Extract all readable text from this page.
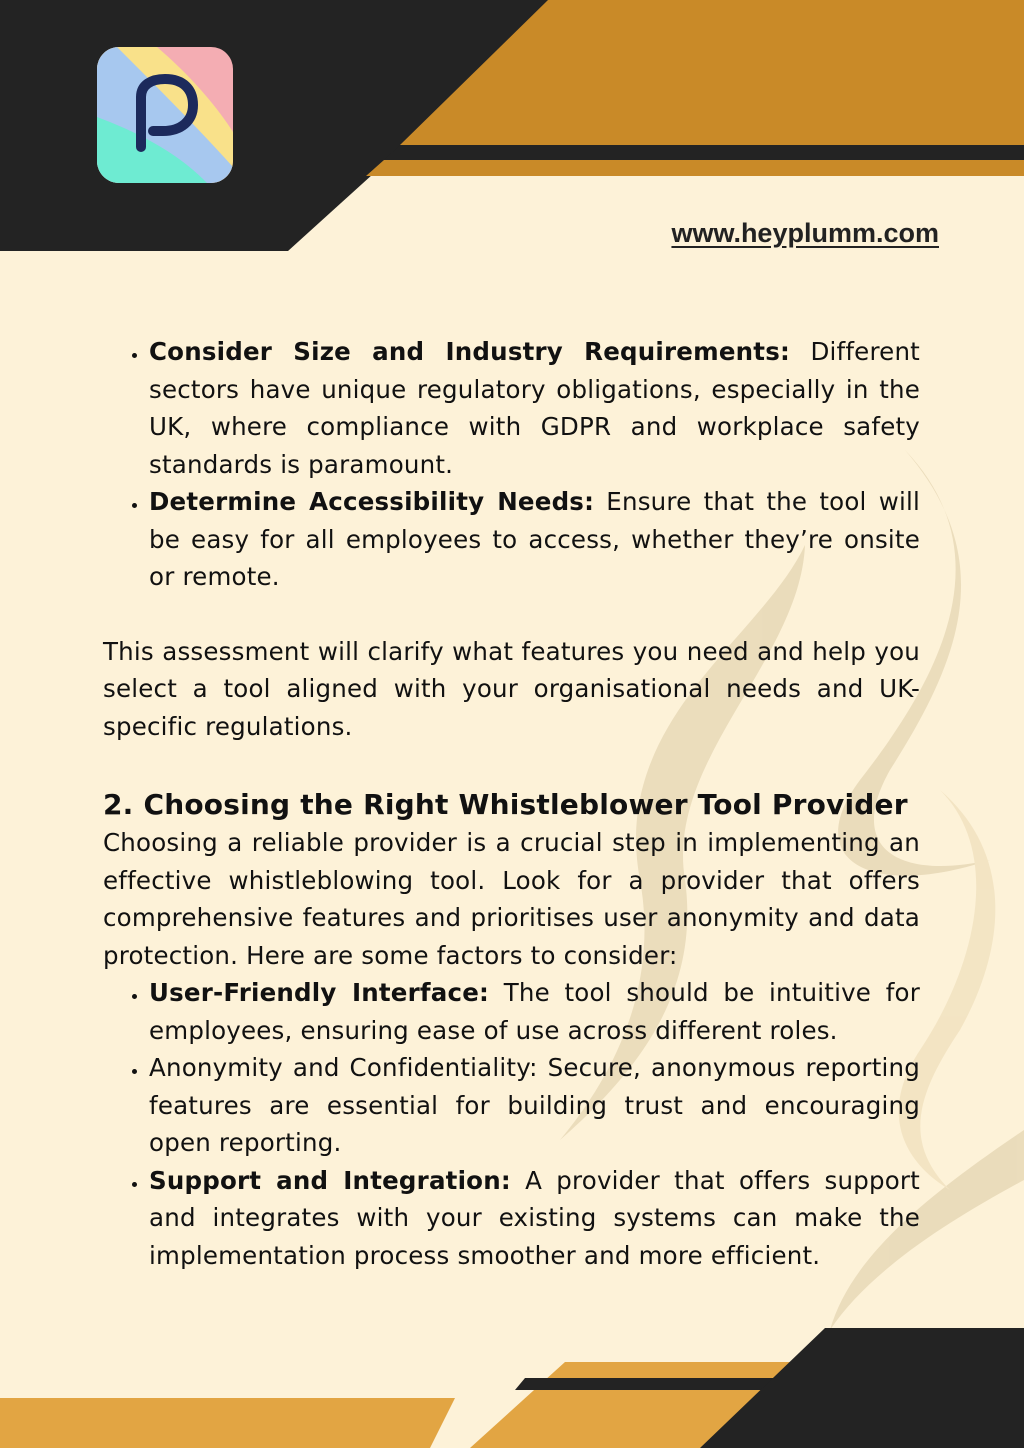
www.heyplumm.com
• Consider Size and Industry Requirements: Different sectors have unique regulatory obligations, especially in the UK, where compliance with GDPR and workplace safety standards is paramount.
• Determine Accessibility Needs: Ensure that the tool will be easy for all employees to access, whether they’re onsite or remote.

This assessment will clarify what features you need and help you select a tool aligned with your organisational needs and UK-specific regulations.

2. Choosing the Right Whistleblower Tool Provider

Choosing a reliable provider is a crucial step in implementing an effective whistleblowing tool. Look for a provider that offers comprehensive features and prioritises user anonymity and data protection. Here are some factors to consider:

• User-Friendly Interface: The tool should be intuitive for employees, ensuring ease of use across different roles.
• Anonymity and Confidentiality: Secure, anonymous reporting features are essential for building trust and encouraging open reporting.
• Support and Integration: A provider that offers support and integrates with your existing systems can make the implementation process smoother and more efficient.
